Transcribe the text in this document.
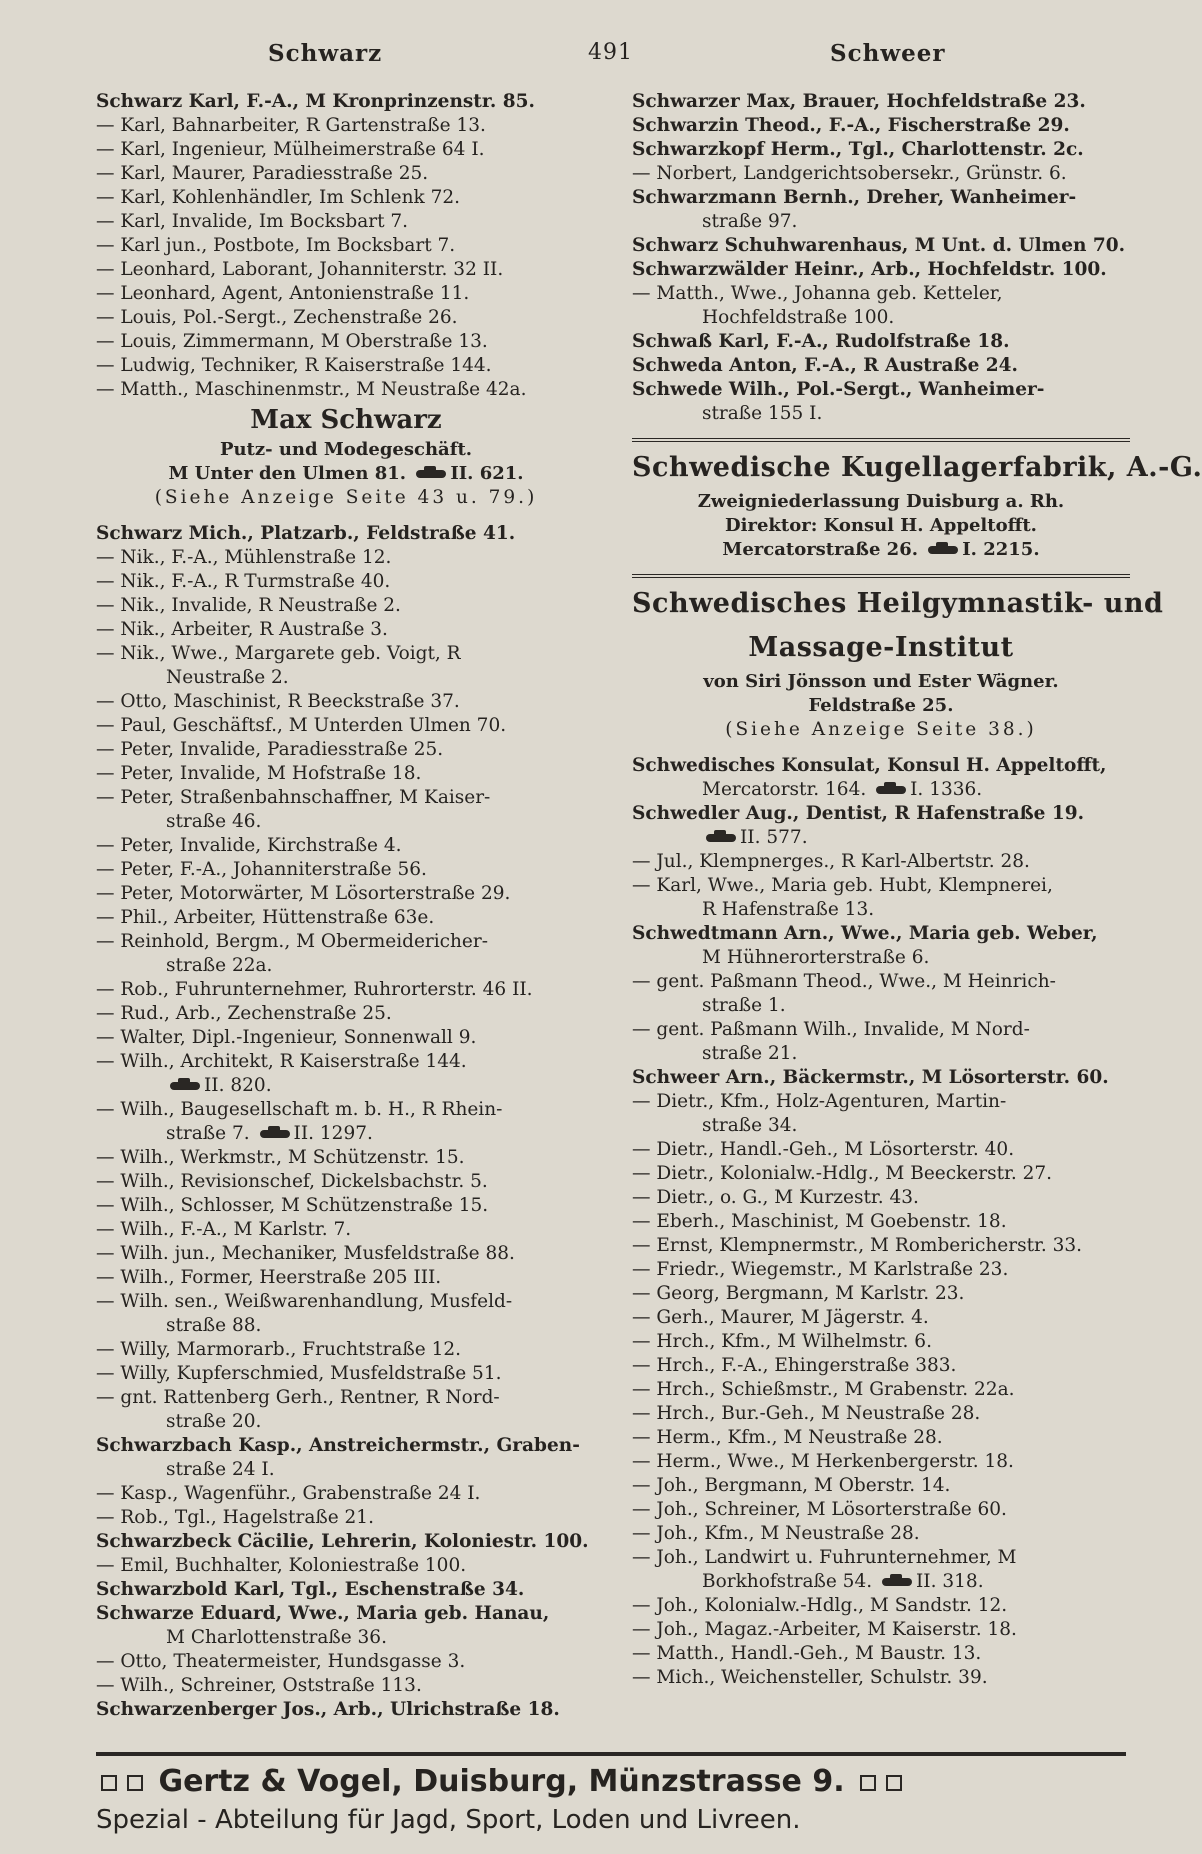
Schwarz	491	Schweer
Schwarz Karl, F.-A., M Kronprinzenstr. 85.
— Karl, Bahnarbeiter, R Gartenstraße 13.
— Karl, Ingenieur, Mülheimerstraße 64 I.
— Karl, Maurer, Paradiesstraße 25.
— Karl, Kohlenhändler, Im Schlenk 72.
— Karl, Invalide, Im Bocksbart 7.
— Karl jun., Postbote, Im Bocksbart 7.
— Leonhard, Laborant, Johanniterstr. 32 II.
— Leonhard, Agent, Antonienstraße 11.
— Louis, Pol.-Sergt., Zechenstraße 26.
— Louis, Zimmermann, M Oberstraße 13.
— Ludwig, Techniker, R Kaiserstraße 144.
— Matth., Maschinenmstr., M Neustraße 42a.
Max Schwarz
Putz- und Modegeschäft.
M Unter den Ulmen 81. II. 621.
(Siehe Anzeige Seite 43 u. 79.)
Schwarz Mich., Platzarb., Feldstraße 41.
— Nik., F.-A., Mühlenstraße 12.
— Nik., F.-A., R Turmstraße 40.
— Nik., Invalide, R Neustraße 2.
— Nik., Arbeiter, R Austraße 3.
— Nik., Wwe., Margarete geb. Voigt, R
Neustraße 2.
— Otto, Maschinist, R Beeckstraße 37.
— Paul, Geschäftsf., M Unterden Ulmen 70.
— Peter, Invalide, Paradiesstraße 25.
— Peter, Invalide, M Hofstraße 18.
— Peter, Straßenbahnschaffner, M Kaiser-
straße 46.
— Peter, Invalide, Kirchstraße 4.
— Peter, F.-A., Johanniterstraße 56.
— Peter, Motorwärter, M Lösorterstraße 29.
— Phil., Arbeiter, Hüttenstraße 63e.
— Reinhold, Bergm., M Obermeidericher-
straße 22a.
— Rob., Fuhrunternehmer, Ruhrorterstr. 46 II.
— Rud., Arb., Zechenstraße 25.
— Walter, Dipl.-Ingenieur, Sonnenwall 9.
— Wilh., Architekt, R Kaiserstraße 144.
II. 820.
— Wilh., Baugesellschaft m. b. H., R Rhein-
straße 7. II. 1297.
— Wilh., Werkmstr., M Schützenstr. 15.
— Wilh., Revisionschef, Dickelsbachstr. 5.
— Wilh., Schlosser, M Schützenstraße 15.
— Wilh., F.-A., M Karlstr. 7.
— Wilh. jun., Mechaniker, Musfeldstraße 88.
— Wilh., Former, Heerstraße 205 III.
— Wilh. sen., Weißwarenhandlung, Musfeld-
straße 88.
— Willy, Marmorarb., Fruchtstraße 12.
— Willy, Kupferschmied, Musfeldstraße 51.
— gnt. Rattenberg Gerh., Rentner, R Nord-
straße 20.
Schwarzbach Kasp., Anstreichermstr., Graben-
straße 24 I.
— Kasp., Wagenführ., Grabenstraße 24 I.
— Rob., Tgl., Hagelstraße 21.
Schwarzbeck Cäcilie, Lehrerin, Koloniestr. 100.
— Emil, Buchhalter, Koloniestraße 100.
Schwarzbold Karl, Tgl., Eschenstraße 34.
Schwarze Eduard, Wwe., Maria geb. Hanau,
M Charlottenstraße 36.
— Otto, Theatermeister, Hundsgasse 3.
— Wilh., Schreiner, Oststraße 113.
Schwarzenberger Jos., Arb., Ulrichstraße 18.
Schwarzer Max, Brauer, Hochfeldstraße 23.
Schwarzin Theod., F.-A., Fischerstraße 29.
Schwarzkopf Herm., Tgl., Charlottenstr. 2c.
— Norbert, Landgerichtsobersekr., Grünstr. 6.
Schwarzmann Bernh., Dreher, Wanheimer-
straße 97.
Schwarz Schuhwarenhaus, M Unt. d. Ulmen 70.
Schwarzwälder Heinr., Arb., Hochfeldstr. 100.
— Matth., Wwe., Johanna geb. Ketteler,
Hochfeldstraße 100.
Schwaß Karl, F.-A., Rudolfstraße 18.
Schweda Anton, F.-A., R Austraße 24.
Schwede Wilh., Pol.-Sergt., Wanheimer-
straße 155 I.
Schwedische Kugellagerfabrik, A.-G.
Zweigniederlassung Duisburg a. Rh.
Direktor: Konsul H. Appeltofft.
Mercatorstraße 26. I. 2215.
Schwedisches Heilgymnastik- und
Massage-Institut
von Siri Jönsson und Ester Wägner.
Feldstraße 25.
(Siehe Anzeige Seite 38.)
Schwedisches Konsulat, Konsul H. Appeltofft,
Mercatorstr. 164. I. 1336.
Schwedler Aug., Dentist, R Hafenstraße 19.
II. 577.
— Jul., Klempnerges., R Karl-Albertstr. 28.
— Karl, Wwe., Maria geb. Hubt, Klempnerei,
R Hafenstraße 13.
Schwedtmann Arn., Wwe., Maria geb. Weber,
M Hühnerorterstraße 6.
— gent. Paßmann Theod., Wwe., M Heinrich-
straße 1.
— gent. Paßmann Wilh., Invalide, M Nord-
straße 21.
Schweer Arn., Bäckermstr., M Lösorterstr. 60.
— Dietr., Kfm., Holz-Agenturen, Martin-
straße 34.
— Dietr., Handl.-Geh., M Lösorterstr. 40.
— Dietr., Kolonialw.-Hdlg., M Beeckerstr. 27.
— Dietr., o. G., M Kurzestr. 43.
— Eberh., Maschinist, M Goebenstr. 18.
— Ernst, Klempnermstr., M Rombericherstr. 33.
— Friedr., Wiegemstr., M Karlstraße 23.
— Georg, Bergmann, M Karlstr. 23.
— Gerh., Maurer, M Jägerstr. 4.
— Hrch., Kfm., M Wilhelmstr. 6.
— Hrch., F.-A., Ehingerstraße 383.
— Hrch., Schießmstr., M Grabenstr. 22a.
— Hrch., Bur.-Geh., M Neustraße 28.
— Herm., Kfm., M Neustraße 28.
— Herm., Wwe., M Herkenbergerstr. 18.
— Joh., Bergmann, M Oberstr. 14.
— Joh., Schreiner, M Lösorterstraße 60.
— Joh., Kfm., M Neustraße 28.
— Joh., Landwirt u. Fuhrunternehmer, M
Borkhofstraße 54. II. 318.
— Joh., Kolonialw.-Hdlg., M Sandstr. 12.
— Joh., Magaz.-Arbeiter, M Kaiserstr. 18.
— Matth., Handl.-Geh., M Baustr. 13.
— Mich., Weichensteller, Schulstr. 39.
Gertz & Vogel, Duisburg, Münzstrasse 9.
Spezial - Abteilung für Jagd, Sport, Loden und Livreen.
